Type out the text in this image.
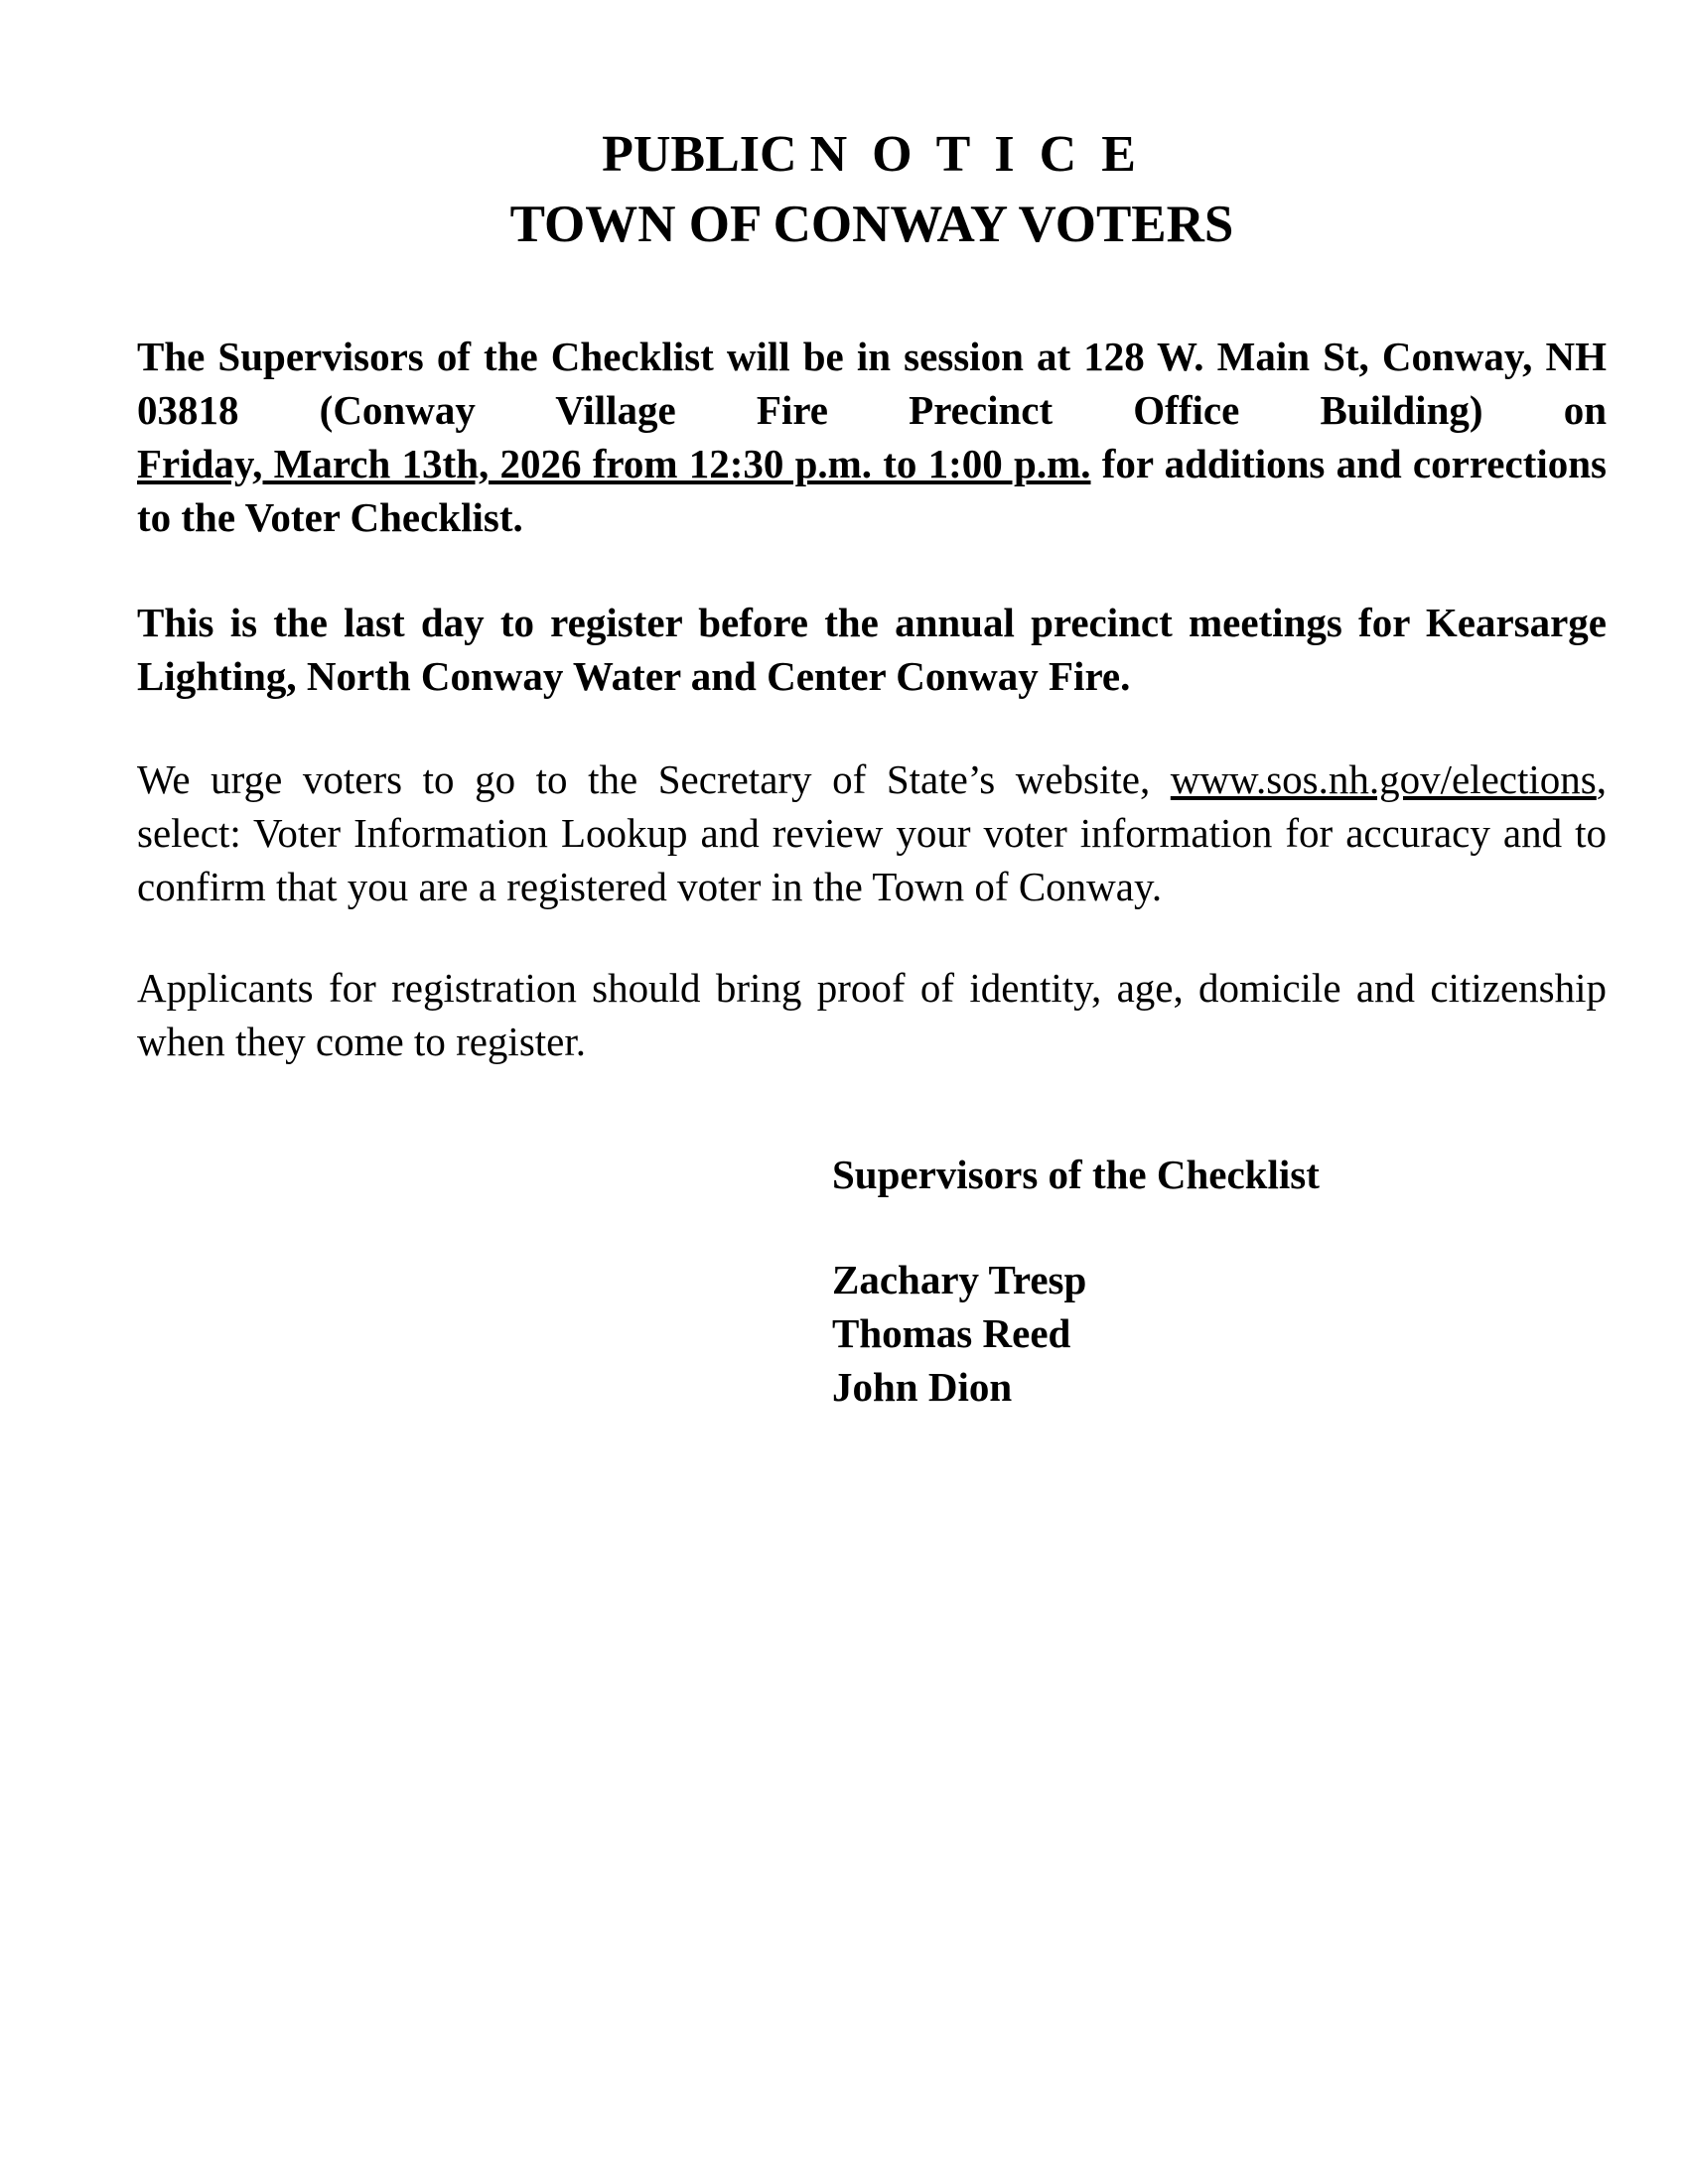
PUBLIC N O T I C E
TOWN OF CONWAY VOTERS
The Supervisors of the Checklist will be in session at 128 W. Main St, Conway, NH 03818 (Conway Village Fire Precinct Office Building) on Friday, March 13th, 2026 from 12:30 p.m. to 1:00 p.m. for additions and corrections to the Voter Checklist.
This is the last day to register before the annual precinct meetings for Kearsarge Lighting, North Conway Water and Center Conway Fire.
We urge voters to go to the Secretary of State’s website, www.sos.nh.gov/elections, select: Voter Information Lookup and review your voter information for accuracy and to confirm that you are a registered voter in the Town of Conway.
Applicants for registration should bring proof of identity, age, domicile and citizenship when they come to register.
Supervisors of the Checklist
Zachary Tresp
Thomas Reed
John Dion
